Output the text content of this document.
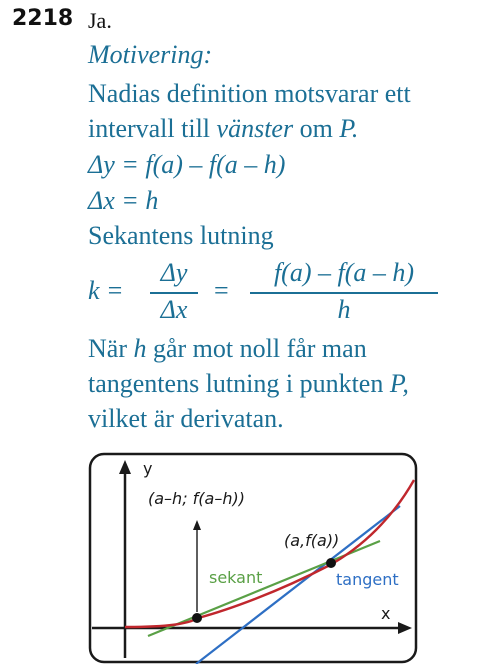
2218 Ja.
Motivering:
Nadias definition motsvarar ett
intervall till vänster om P.
Δy = f(a) – f(a – h)
Δx = h
Sekantens lutning
k =
Δy
Δx
=
f(a) – f(a – h)
h
När h går mot noll får man
tangentens lutning i punkten P,
vilket är derivatan.
y
x
(a–h; f(a–h))
(a,f(a))
sekant	tangent
